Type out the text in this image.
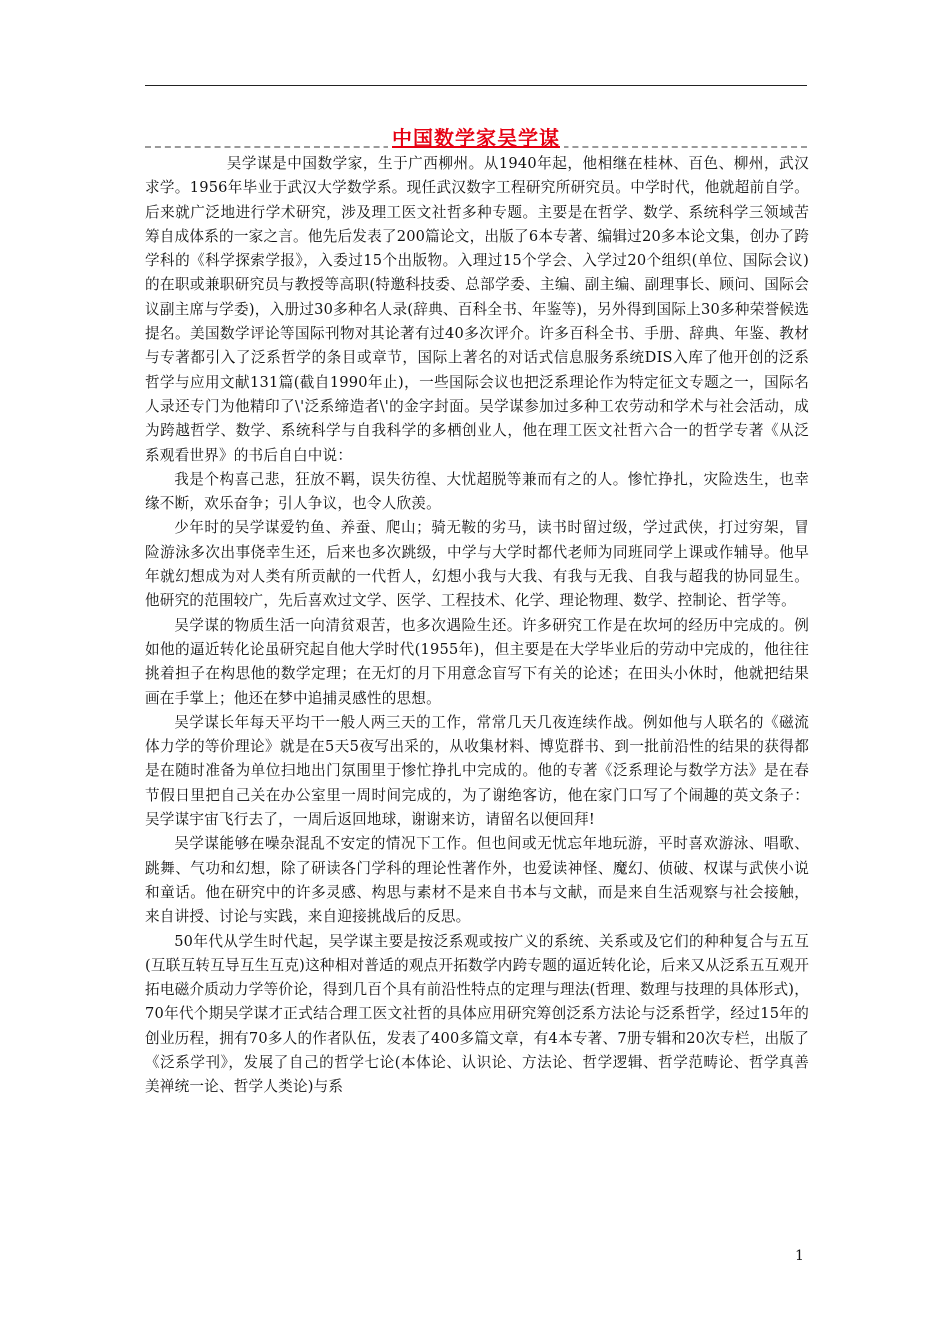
中国数学家吴学谋

吴学谋是中国数学家，生于广西柳州。从1940年起，他相继在桂林、百色、柳州，武汉求学。1956年毕业于武汉大学数学系。现任武汉数字工程研究所研究员。中学时代，他就超前自学。后来就广泛地进行学术研究，涉及理工医文社哲多种专题。主要是在哲学、数学、系统科学三领域苦筹自成体系的一家之言。他先后发表了200篇论文，出版了6本专著、编辑过20多本论文集，创办了跨学科的《科学探索学报》，入委过15个出版物。入理过15个学会、入学过20个组织(单位、国际会议)的在职或兼职研究员与教授等高职(特邀科技委、总部学委、主编、副主编、副理事长、顾问、国际会议副主席与学委)，入册过30多种名人录(辞典、百科全书、年鉴等)，另外得到国际上30多种荣誉候选提名。美国数学评论等国际刊物对其论著有过40多次评介。许多百科全书、手册、辞典、年鉴、教材与专著都引入了泛系哲学的条目或章节，国际上著名的对话式信息服务系统DIS入库了他开创的泛系哲学与应用文献131篇(截自1990年止)，一些国际会议也把泛系理论作为特定征文专题之一，国际名人录还专门为他精印了\'泛系缔造者\'的金字封面。吴学谋参加过多种工农劳动和学术与社会活动，成为跨越哲学、数学、系统科学与自我科学的多栖创业人，他在理工医文社哲六合一的哲学专著《从泛系观看世界》的书后自白中说：

我是个构喜己悲，狂放不羁，误失彷徨、大忧超脱等兼而有之的人。惨忙挣扎，灾险迭生，也幸缘不断，欢乐奋争；引人争议，也令人欣羡。

少年时的吴学谋爱钓鱼、养蚕、爬山；骑无鞍的劣马，读书时留过级，学过武侠，打过穷架，冒险游泳多次出事侥幸生还，后来也多次跳级，中学与大学时都代老师为同班同学上课或作辅导。他早年就幻想成为对人类有所贡献的一代哲人，幻想小我与大我、有我与无我、自我与超我的协同显生。他研究的范围较广，先后喜欢过文学、医学、工程技术、化学、理论物理、数学、控制论、哲学等。

吴学谋的物质生活一向清贫艰苦，也多次遇险生还。许多研究工作是在坎坷的经历中完成的。例如他的逼近转化论虽研究起自他大学时代(1955年)，但主要是在大学毕业后的劳动中完成的，他往往挑着担子在构思他的数学定理；在无灯的月下用意念盲写下有关的论述；在田头小休时，他就把结果画在手掌上；他还在梦中追捕灵感性的思想。

吴学谋长年每天平均干一般人两三天的工作，常常几天几夜连续作战。例如他与人联名的《磁流体力学的等价理论》就是在5天5夜写出采的，从收集材料、博览群书、到一批前沿性的结果的获得都是在随时准备为单位扫地出门氛围里于惨忙挣扎中完成的。他的专著《泛系理论与数学方法》是在春节假日里把自己关在办公室里一周时间完成的，为了谢绝客访，他在家门口写了个闹趣的英文条子：吴学谋宇宙飞行去了，一周后返回地球，谢谢来访，请留名以便回拜!

吴学谋能够在噪杂混乱不安定的情况下工作。但也间或无忧忘年地玩游，平时喜欢游泳、唱歌、跳舞、气功和幻想，除了研读各门学科的理论性著作外，也爱读神怪、魔幻、侦破、权谋与武侠小说和童话。他在研究中的许多灵感、构思与素材不是来自书本与文献，而是来自生活观察与社会接触，来自讲授、讨论与实践，来自迎接挑战后的反思。

50年代从学生时代起，吴学谋主要是按泛系观或按广义的系统、关系或及它们的种种复合与五互(互联互转互导互生互克)这种相对普适的观点开拓数学内跨专题的逼近转化论，后来又从泛系五互观开拓电磁介质动力学等价论，得到几百个具有前沿性特点的定理与理法(哲理、数理与技理的具体形式)，70年代个期吴学谋才正式结合理工医文社哲的具体应用研究筹创泛系方法论与泛系哲学，经过15年的创业历程，拥有70多人的作者队伍，发表了400多篇文章，有4本专著、7册专辑和20次专栏，出版了《泛系学刊》，发展了自己的哲学七论(本体论、认识论、方法论、哲学逻辑、哲学范畴论、哲学真善美禅统一论、哲学人类论)与系

1
